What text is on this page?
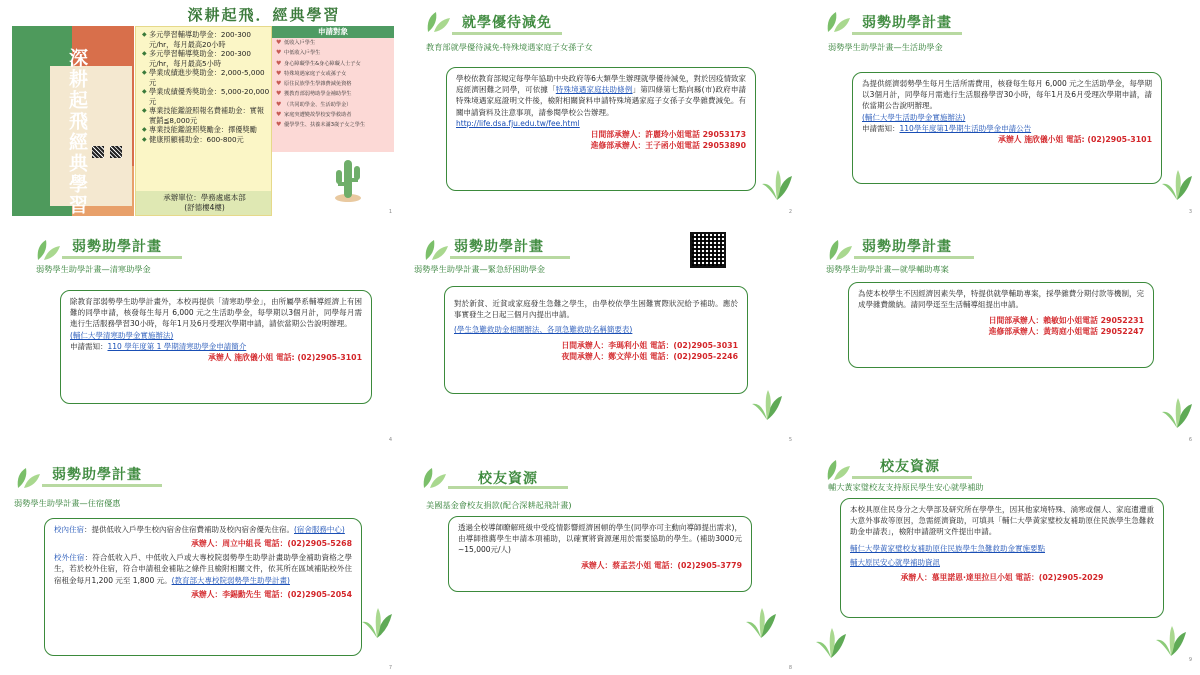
深耕起飛．經典學習
深耕起飛經典學習
◆ 多元學習輔導助學金：200-300元/hr，每月最高20小時
◆ 多元學習輔導獎助金：200-300元/hr，每月最高5小時
◆ 學業成績進步獎助金：2,000-5,000元
◆ 學業成績優秀獎助金：5,000-20,000元
◆ 專業技能鑑證照報名費補助金：實報實銷≦8,000元
◆ 專業技能鑑證照獎勵金：擇優獎勵
◆ 健康照顧補助金：600-800元
承辦單位：學務處處本部
(舒德樓4樓)
申請對象
♥ 低收入戶學生
♥ 中低收入戶學生
♥ 身心障礙學生&身心障礙人士子女
♥ 特殊境遇家庭子女或孫子女
♥ 原住民族學生學雜費減免資格
♥ 獲教育部弱勢助學金補助學生
♥ （共同助學金、生活助學金）
♥ 家庭突遭變故學校安學救助者
♥ 優學學生、扶養未滿3歲子女之學生
1
就學優待減免
教育部就學優待減免-特殊境遇家庭子女孫子女

學校依教育部規定每學年協助中央政府等6大類學生辦理就學優待減免，對於因疫情致家庭經濟困難之同學，可依據「特殊境遇家庭扶助條例」第四條第七點向縣(市)政府申請特殊境遇家庭證明文件後，檢附相關資料申請特殊境遇家庭子女孫子女學雜費減免。有關申請資料及注意事項，請參閱學校公告辦理。

http://life.dsa.fju.edu.tw/fee.html

日間部承辦人：許麗玲小姐電話 29053173
進修部承辦人：王子函小姐電話 29053890
2
弱勢助學計畫
弱勢學生助學計畫—生活助學金

為提供經濟弱勢學生每月生活所需費用，核發每生每月 6,000 元之生活助學金，每學期以3個月計，同學每月需進行生活服務學習30小時，每年1月及6月受理次學期申請，請依當期公告說明辦理。

(輔仁大學生活助學金實施辦法)

申請需知：110學年度第1學期生活助學金申請公告

承辦人 施欣儀小姐 電話: (02)2905-3101
3
弱勢助學計畫
弱勢學生助學計畫—清寒助學金

除教育部弱勢學生助學計畫外，本校再提供「清寒助學金」，由所屬學系輔導經濟上有困難的同學申請，核發每生每月 6,000 元之生活助學金，每學期以3個月計，同學每月需進行生活服務學習30小時，每年1月及6月受理次學期申請，請依當期公告說明辦理。

(輔仁大學清寒助學金實施辦法)

申請需知：110 學年度第 1 學期清寒助學金申請簡介

承辦人 施欣儀小姐 電話: (02)2905-3101
4
弱勢助學計畫
弱勢學生助學計畫—緊急紓困助學金

對於新貧、近貧或家庭發生急難之學生，由學校依學生困難實際狀況給予補助。應於事實發生之日起三個月內提出申請。

(學生急難救助金相關辦法、各項急難救助名稱簡要表)

日間承辦人：李瑪利小姐 電話：(02)2905-3031
夜間承辦人：鄭文萍小姐 電話：(02)2905-2246
5
弱勢助學計畫
弱勢學生助學計畫—就學輔助專案

為使本校學生不因經濟因素失學，特提供就學輔助專案，採學雜費分期付款等機制，完成學雜費繳納。請同學逕至生活輔導組提出申請。

日間部承辦人：賴敏如小姐電話 29052231
進修部承辦人：黃筠庭小姐電話 29052247
6
弱勢助學計畫
弱勢學生助學計畫—住宿優惠

校內住宿：提供低收入戶學生校內宿舍住宿費補助及校內宿舍優先住宿。(宿舍服務中心)

承辦人：周立中組長 電話：(02)2905-5268

校外住宿：符合低收入戶、中低收入戶或大專校院弱勢學生助學計畫助學金補助資格之學生，若於校外住宿，符合申請租金補貼之條件且檢附相關文件，依其所在區域補貼校外住宿租金每月1,200 元至 1,800 元。(教育部大專校院弱勢學生助學計畫)

承辦人：李錫勳先生 電話：(02)2905-2054
7
校友資源
美國基金會校友捐款(配合深耕起飛計畫)

透過全校導師瞭解班級中受疫情影響經濟困頓的學生(同學亦可主動向導師提出需求)，由導師推薦學生申請本項補助，以確實將資源運用於需要協助的學生。(補助3000元~15,000元/人)

承辦人：蔡孟芸小姐 電話：(02)2905-3779
8
校友資源
輔大黃家璧校友支持原民學生安心就學補助

本校具原住民身分之大學部及研究所在學學生，因其他家境特殊、淌寒或個人、家庭遺遭重大意外事故等原因，急需經濟資助，可填具「輔仁大學黃家璧校友補助原住民族學生急難救助金申請表」，檢附申請證明文件提出申請。

輔仁大學黃家璧校友補助原住民族學生急難救助金實施要點

輔大原民安心就學補助資訊

承辦人：慕里諾恩·達里拉旦小姐 電話：(02)2905-2029
9
